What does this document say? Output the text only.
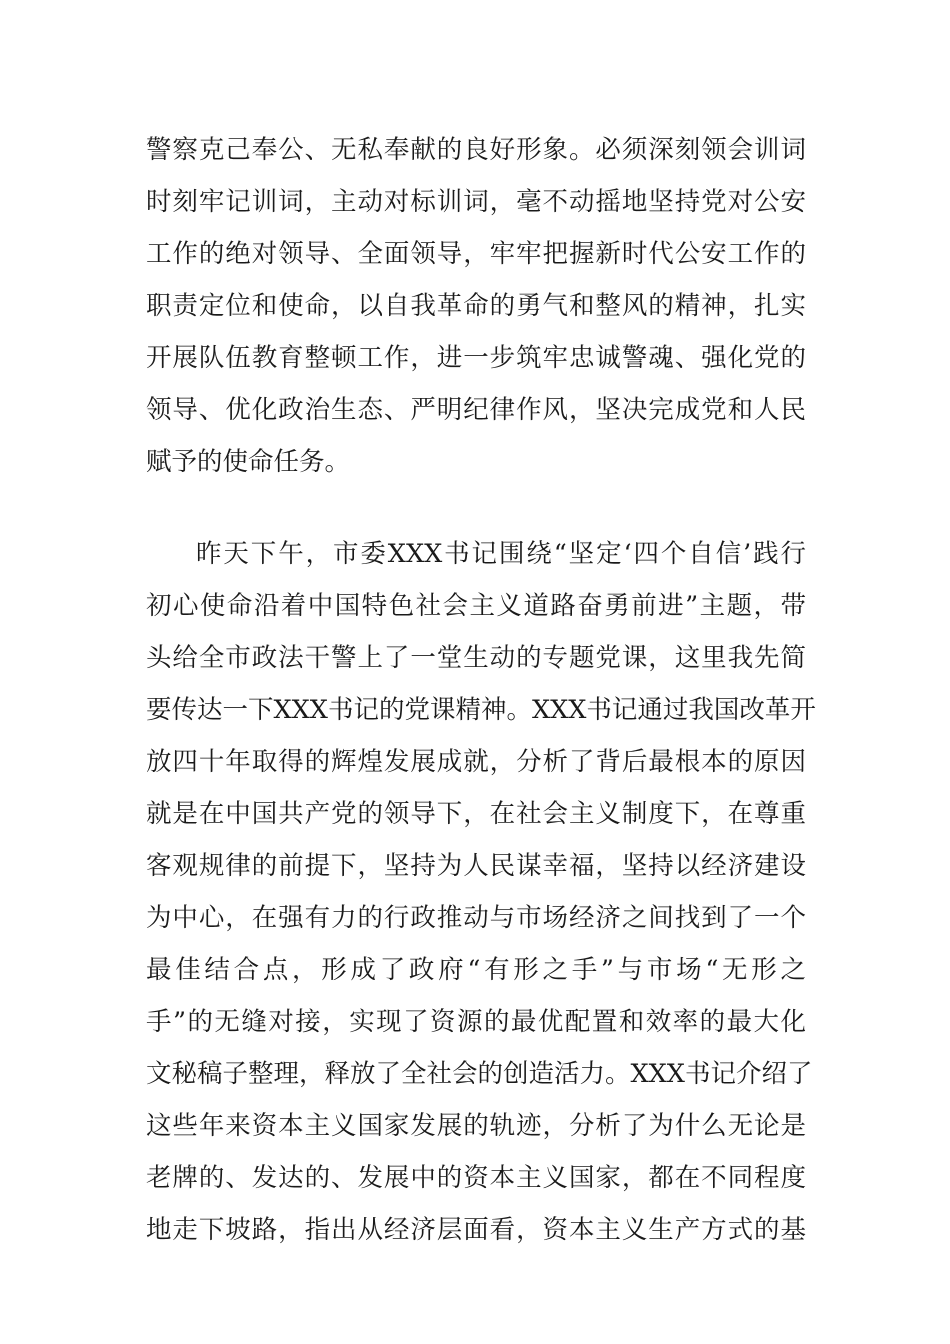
警察克己奉公、无私奉献的良好形象。必须深刻领会训词
时刻牢记训词，主动对标训词，毫不动摇地坚持党对公安
工作的绝对领导、全面领导，牢牢把握新时代公安工作的
职责定位和使命，以自我革命的勇气和整风的精神，扎实
开展队伍教育整顿工作，进一步筑牢忠诚警魂、强化党的
领导、优化政治生态、严明纪律作风，坚决完成党和人民
赋予的使命任务。
昨天下午，市委XXX书记围绕“坚定‘四个自信’践行
初心使命沿着中国特色社会主义道路奋勇前进”主题，带
头给全市政法干警上了一堂生动的专题党课，这里我先简
要传达一下XXX书记的党课精神。XXX书记通过我国改革开
放四十年取得的辉煌发展成就，分析了背后最根本的原因
就是在中国共产党的领导下，在社会主义制度下，在尊重
客观规律的前提下，坚持为人民谋幸福，坚持以经济建设
为中心，在强有力的行政推动与市场经济之间找到了一个
最佳结合点，形成了政府“有形之手”与市场“无形之
手”的无缝对接，实现了资源的最优配置和效率的最大化
文秘稿子整理，释放了全社会的创造活力。XXX书记介绍了
这些年来资本主义国家发展的轨迹，分析了为什么无论是
老牌的、发达的、发展中的资本主义国家，都在不同程度
地走下坡路，指出从经济层面看，资本主义生产方式的基
